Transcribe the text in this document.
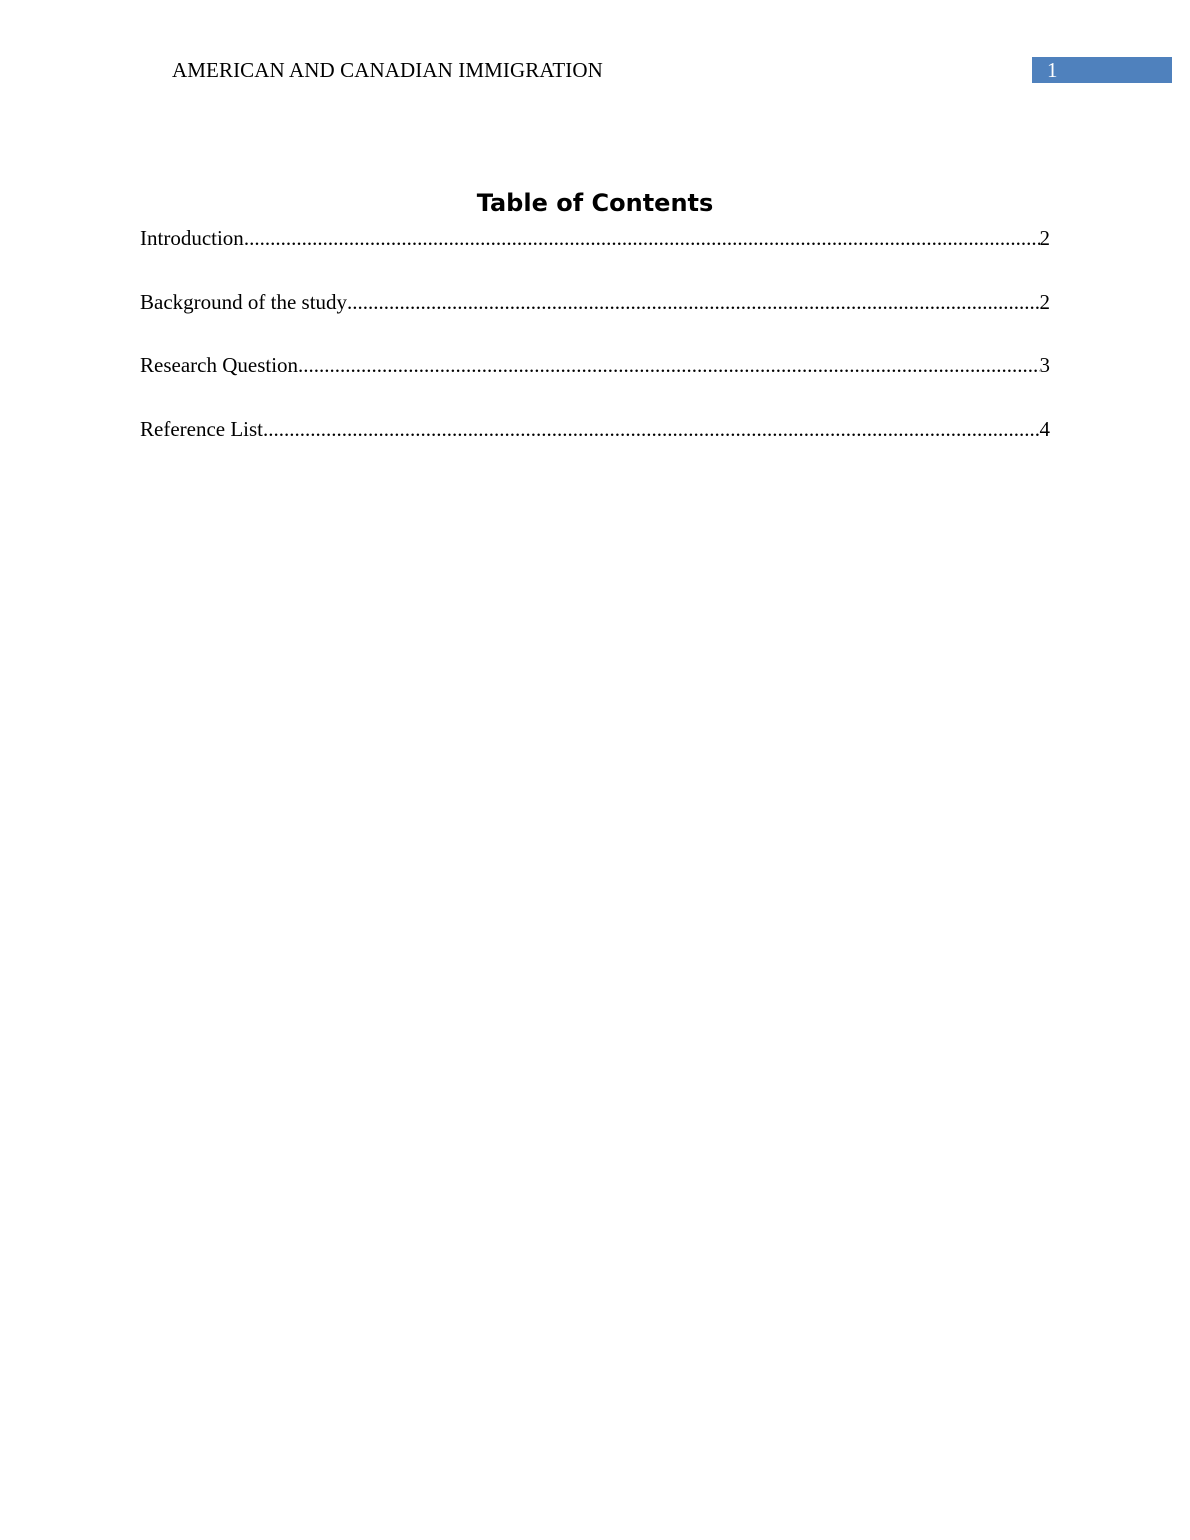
AMERICAN AND CANADIAN IMMIGRATION	1
Table of Contents
Introduction .....	2
Background of the study .....	2
Research Question .....	3
Reference List .....	4
